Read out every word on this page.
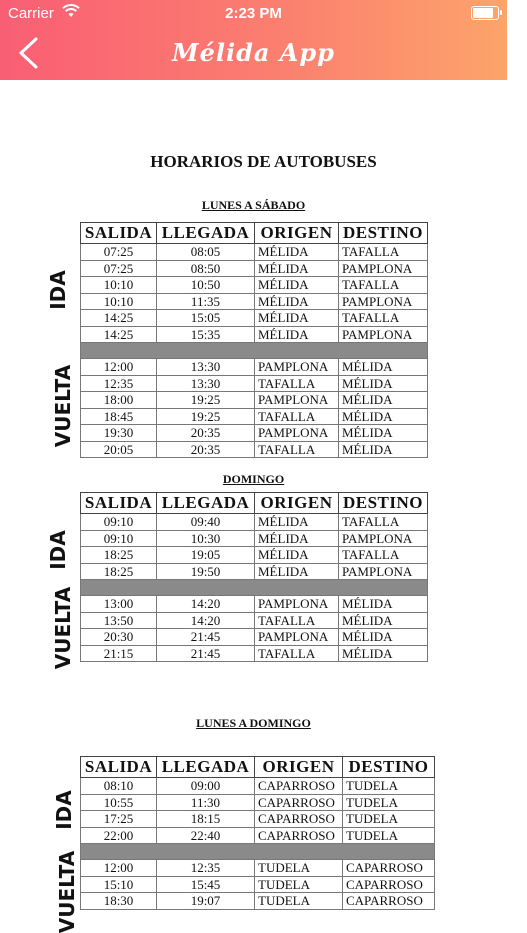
Carrier	2:23 PM
Mélida App
HORARIOS DE AUTOBUSES
LUNES A SÁBADO
IDA
VUELTA
SALIDA	LLEGADA	ORIGEN	DESTINO
07:25	08:05	MÉLIDA	TAFALLA
07:25	08:50	MÉLIDA	PAMPLONA
10:10	10:50	MÉLIDA	TAFALLA
10:10	11:35	MÉLIDA	PAMPLONA
14:25	15:05	MÉLIDA	TAFALLA
14:25	15:35	MÉLIDA	PAMPLONA

12:00	13:30	PAMPLONA	MÉLIDA
12:35	13:30	TAFALLA	MÉLIDA
18:00	19:25	PAMPLONA	MÉLIDA
18:45	19:25	TAFALLA	MÉLIDA
19:30	20:35	PAMPLONA	MÉLIDA
20:05	20:35	TAFALLA	MÉLIDA
DOMINGO
IDA
VUELTA
SALIDA	LLEGADA	ORIGEN	DESTINO
09:10	09:40	MÉLIDA	TAFALLA
09:10	10:30	MÉLIDA	PAMPLONA
18:25	19:05	MÉLIDA	TAFALLA
18:25	19:50	MÉLIDA	PAMPLONA

13:00	14:20	PAMPLONA	MÉLIDA
13:50	14:20	TAFALLA	MÉLIDA
20:30	21:45	PAMPLONA	MÉLIDA
21:15	21:45	TAFALLA	MÉLIDA
LUNES A DOMINGO
IDA
VUELTA
SALIDA	LLEGADA	ORIGEN	DESTINO
08:10	09:00	CAPARROSO	TUDELA
10:55	11:30	CAPARROSO	TUDELA
17:25	18:15	CAPARROSO	TUDELA
22:00	22:40	CAPARROSO	TUDELA

12:00	12:35	TUDELA	CAPARROSO
15:10	15:45	TUDELA	CAPARROSO
18:30	19:07	TUDELA	CAPARROSO
